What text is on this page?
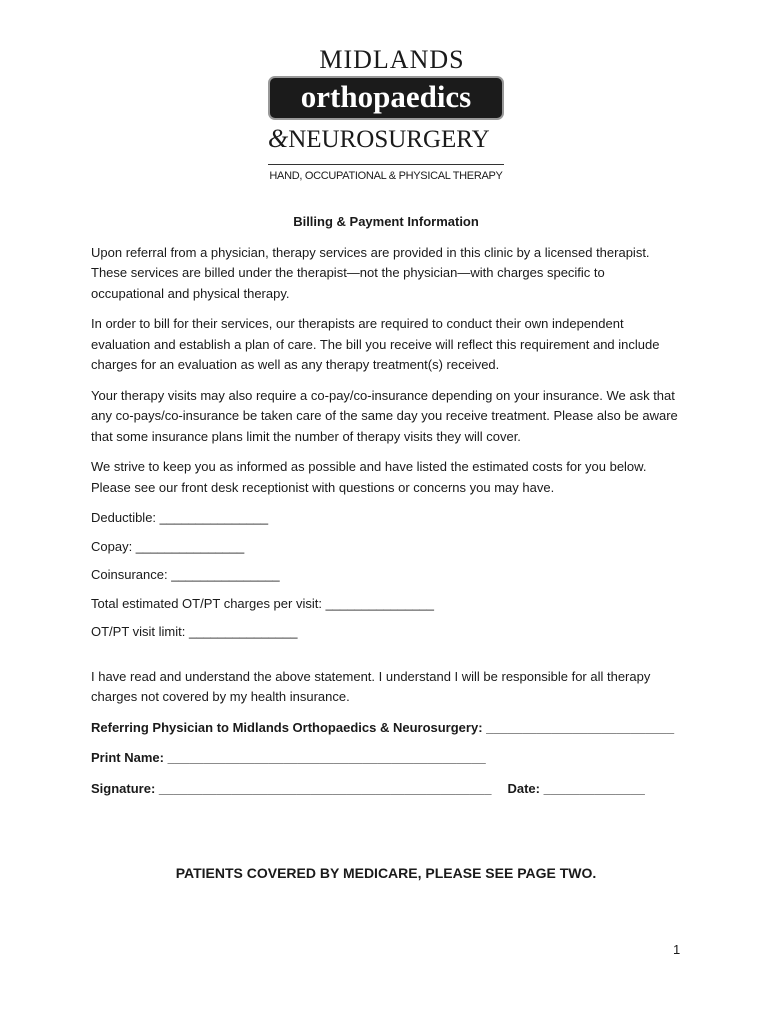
MIDLANDS
orthopaedics
&NEUROSURGERY
HAND, OCCUPATIONAL & PHYSICAL THERAPY
Billing & Payment Information

Upon referral from a physician, therapy services are provided in this clinic by a licensed therapist. These services are billed under the therapist—not the physician—with charges specific to occupational and physical therapy.

In order to bill for their services, our therapists are required to conduct their own independent evaluation and establish a plan of care. The bill you receive will reflect this requirement and include charges for an evaluation as well as any therapy treatment(s) received.

Your therapy visits may also require a co-pay/co-insurance depending on your insurance. We ask that any co-pays/co-insurance be taken care of the same day you receive treatment. Please also be aware that some insurance plans limit the number of therapy visits they will cover.

We strive to keep you as informed as possible and have listed the estimated costs for you below. Please see our front desk receptionist with questions or concerns you may have.

Deductible: _______________
Copay: _______________
Coinsurance: _______________
Total estimated OT/PT charges per visit: _______________
OT/PT visit limit: _______________

I have read and understand the above statement. I understand I will be responsible for all therapy charges not covered by my health insurance.

Referring Physician to Midlands Orthopaedics & Neurosurgery: __________________________
Print Name: ____________________________________________
Signature: ______________________________________________ Date: ______________
PATIENTS COVERED BY MEDICARE, PLEASE SEE PAGE TWO.
1
